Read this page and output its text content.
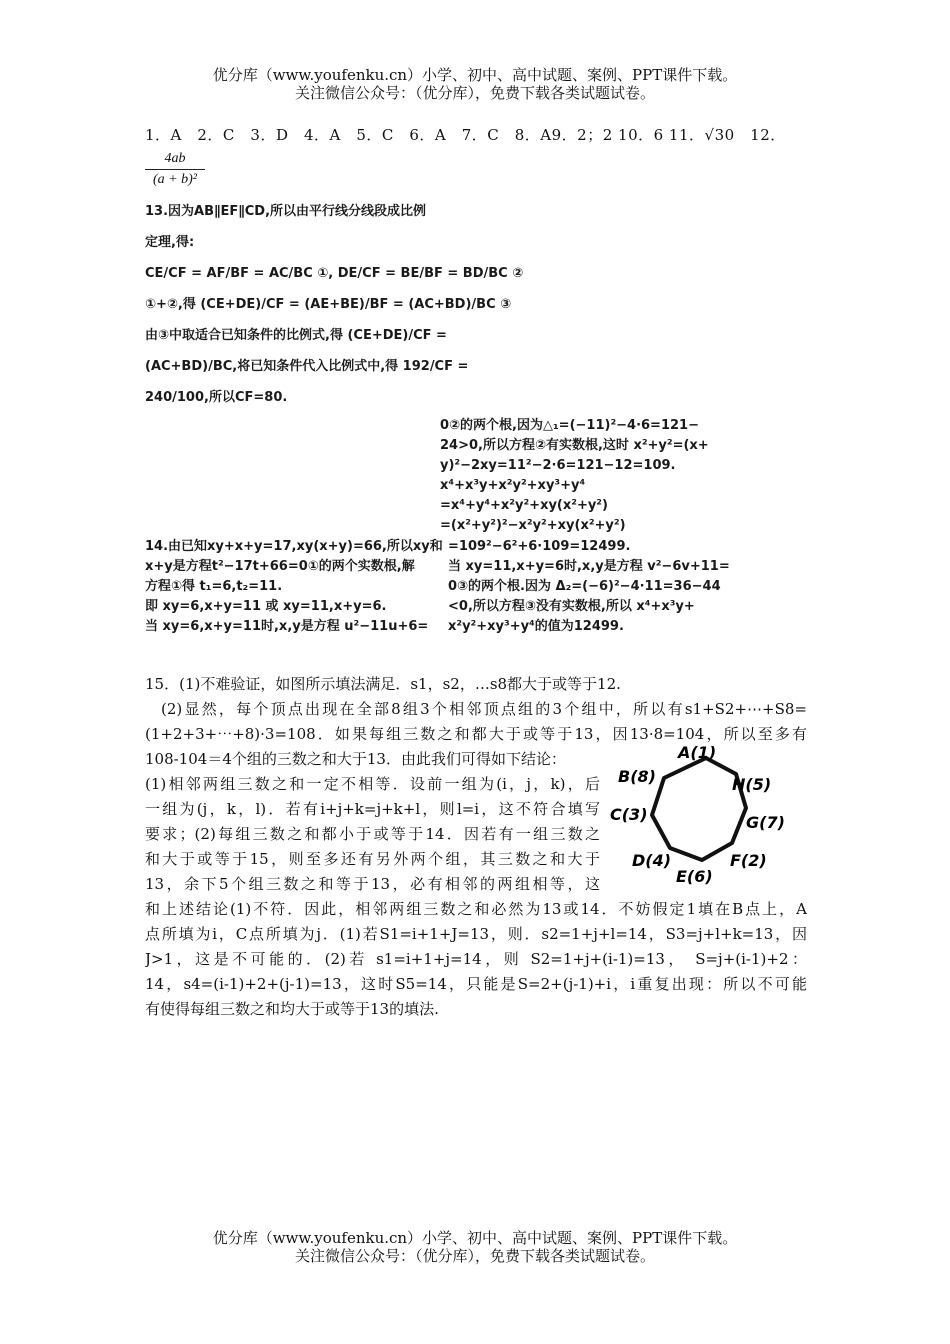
优分库（www.youfenku.cn）小学、初中、高中试题、案例、PPT课件下载。
关注微信公众号：（优分库），免费下载各类试题试卷。
1．A　2．C　3．D　4．A　5．C　6．A　7．C　8．A9．2；2 10．6 11．√30　12．
$\frac{4ab}{\text{(a + b)²}}$
13.因为AB∥EF∥CD,所以由平行线分线段成比例
定理,得:
CE/CF = AF/BF = AC/BC ①, DE/CF = BE/BF = BD/BC ②
①+②,得 (CE+DE)/CF = (AE+BE)/BF = (AC+BD)/BC ③
由③中取适合已知条件的比例式,得 (CE+DE)/CF =
(AC+BD)/BC,将已知条件代入比例式中,得 192/CF =
240/100,所以CF=80.
0②的两个根,因为△₁=(−11)²−4·6=121−
24>0,所以方程②有实数根,这时 x²+y²=(x+
y)²−2xy=11²−2·6=121−12=109.
x⁴+x³y+x²y²+xy³+y⁴
=x⁴+y⁴+x²y²+xy(x²+y²)
=(x²+y²)²−x²y²+xy(x²+y²)
14.由已知xy+x+y=17,xy(x+y)=66,所以xy和
x+y是方程t²−17t+66=0①的两个实数根,解
方程①得 t₁=6,t₂=11.
即 xy=6,x+y=11 或 xy=11,x+y=6.
当 xy=6,x+y=11时,x,y是方程 u²−11u+6=
=109²−6²+6·109=12499.
当 xy=11,x+y=6时,x,y是方程 v²−6v+11=
0③的两个根.因为 Δ₂=(−6)²−4·11=36−44
<0,所以方程③没有实数根,所以 x⁴+x³y+
x²y²+xy³+y⁴的值为12499.
15．(1)不难验证，如图所示填法满足．s1，s2，…s8都大于或等于12.
(2)显然，每个顶点出现在全部8组3个相邻顶点组的3个组中，所以有s1+S2+⋯+S8=
(1+2+3+⋯+8)·3=108．如果每组三数之和都大于或等于13，因13·8=104，所以至多有
108-104＝4个组的三数之和大于13．由此我们可得如下结论：
(1)相邻两组三数之和一定不相等．设前一组为(i，j，k)，后
一组为(j，k，l)．若有i+j+k=j+k+l，则l=i，这不符合填写
要求；(2)每组三数之和都小于或等于14．因若有一组三数之
和大于或等于15，则至多还有另外两个组，其三数之和大于
13，余下5个组三数之和等于13，必有相邻的两组相等，这
A(1)
H(5)
G(7)
F(2)
E(6)
D(4)
C(3)
B(8)
和上述结论(1)不符．因此，相邻两组三数之和必然为13或14．不妨假定1填在B点上，A
点所填为i，C点所填为j．(1)若S1=i+1+J=13，则．s2=1+j+l=14，S3=j+l+k=13，因
J>1，这是不可能的．(2)若 s1=i+1+j=14，则 S2=1+j+(i-1)=13， S=j+(i-1)+2：
14，s4=(i-1)+2+(j-1)=13，这时S5=14，只能是S=2+(j-1)+i，i重复出现：所以不可能
有使得每组三数之和均大于或等于13的填法.
优分库（www.youfenku.cn）小学、初中、高中试题、案例、PPT课件下载。
关注微信公众号：（优分库），免费下载各类试题试卷。
